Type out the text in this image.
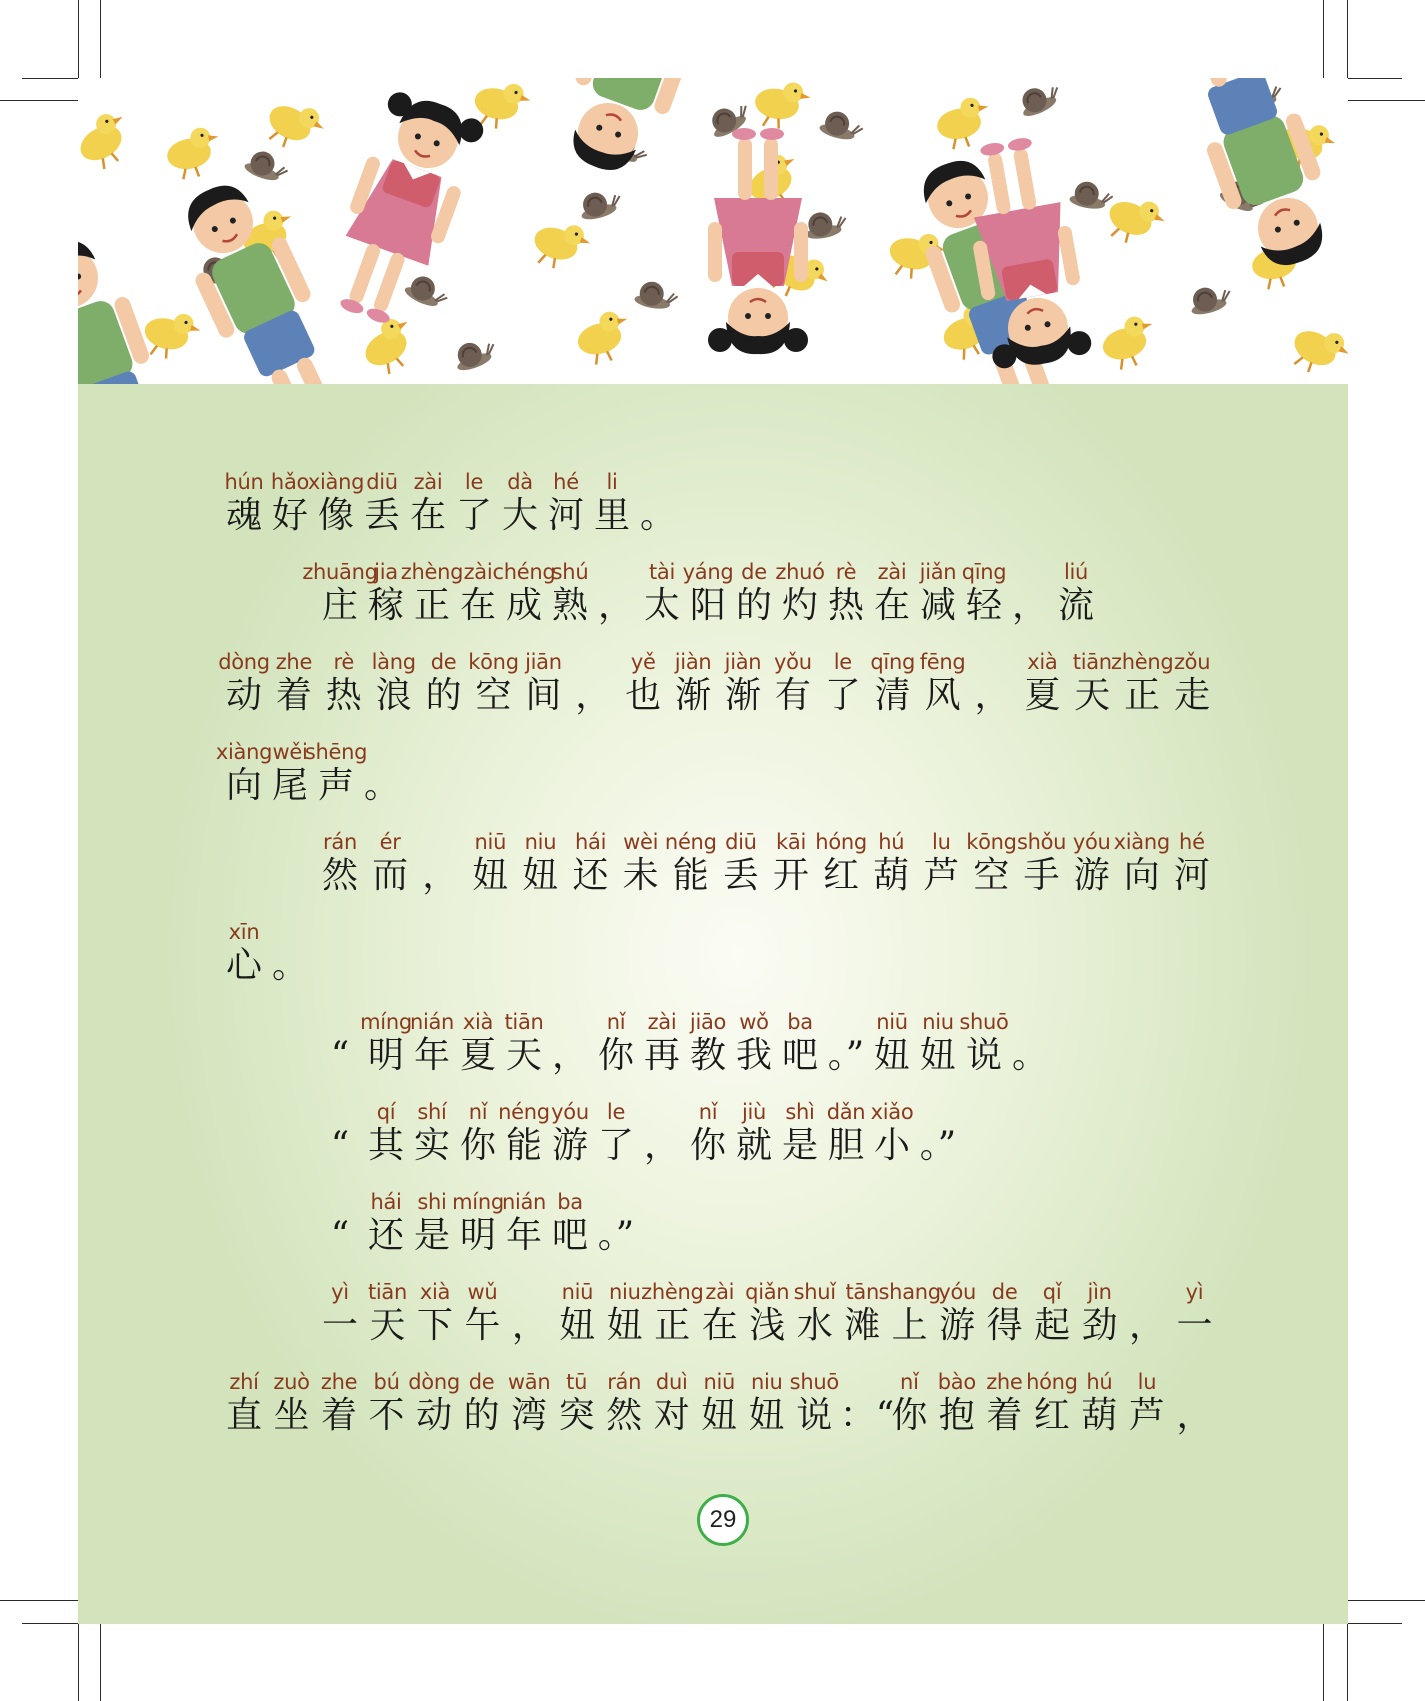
hún
魂
hǎo
好
xiàng
像
diū
丢
zài
在
le
了
dà
大
hé
河
li
里 。
zhuāng
庄
jia
稼
zhèng
正
zài
在
chéng
成
shú
熟 ，
tài
太
yáng
阳
de
的
zhuó
灼
rè
热
zài
在
jiǎn
减
qīng
轻 ，
liú
流
dòng
动
zhe
着
rè
热
làng
浪
de
的
kōng
空
jiān
间 ，
yě
也
jiàn
渐
jiàn
渐
yǒu
有
le
了
qīng
清
fēng
风 ，
xià
夏
tiān
天
zhèng
正
zǒu
走
xiàng
向
wěi
尾
shēng
声 。
rán
然
ér
而 ，
niū
妞
niu
妞
hái
还
wèi
未
néng
能
diū
丢
kāi
开
hóng
红
hú
葫
lu
芦
kōng
空
shǒu
手
yóu
游
xiàng
向
hé
河
xīn
心 。
“
míng
明
nián
年
xià
夏
tiān
天 ，
nǐ
你
zài
再
jiāo
教
wǒ
我
ba
吧 。”
niū
妞
niu
妞
shuō
说 。
“
qí
其
shí
实
nǐ
你
néng
能
yóu
游
le
了 ，
nǐ
你
jiù
就
shì
是
dǎn
胆
xiǎo
小 。”
“
hái
还
shi
是
míng
明
nián
年
ba
吧 。”
yì
一
tiān
天
xià
下
wǔ
午 ，
niū
妞
niu
妞
zhèng
正
zài
在
qiǎn
浅
shuǐ
水
tān
滩
shang
上
yóu
游
de
得
qǐ
起
jìn
劲 ，
yì
一
zhí
直
zuò
坐
zhe
着
bú
不
dòng
动
de
的
wān
湾
tū
突
rán
然
duì
对
niū
妞
niu
妞
shuō
说 ：“
nǐ
你
bào
抱
zhe
着
hóng
红
hú
葫
lu
芦 ，
29
